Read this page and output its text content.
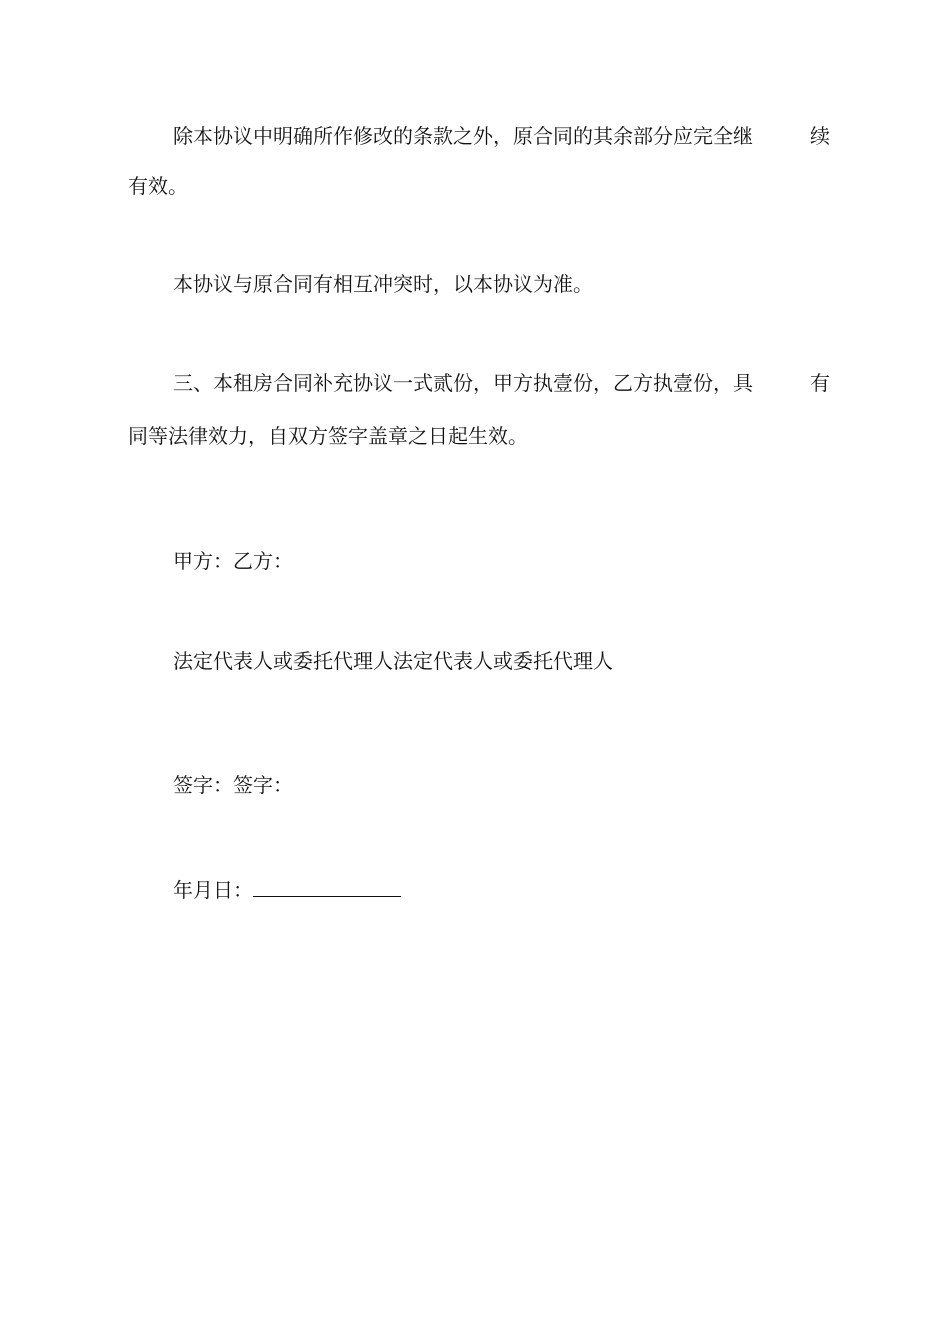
除本协议中明确所作修改的条款之外，原合同的其余部分应完全继	续
有效。
本协议与原合同有相互冲突时，以本协议为准。
三、本租房合同补充协议一式贰份，甲方执壹份，乙方执壹份，具	有
同等法律效力，自双方签字盖章之日起生效。
甲方：乙方：
法定代表人或委托代理人法定代表人或委托代理人
签字：签字：
年月日：
